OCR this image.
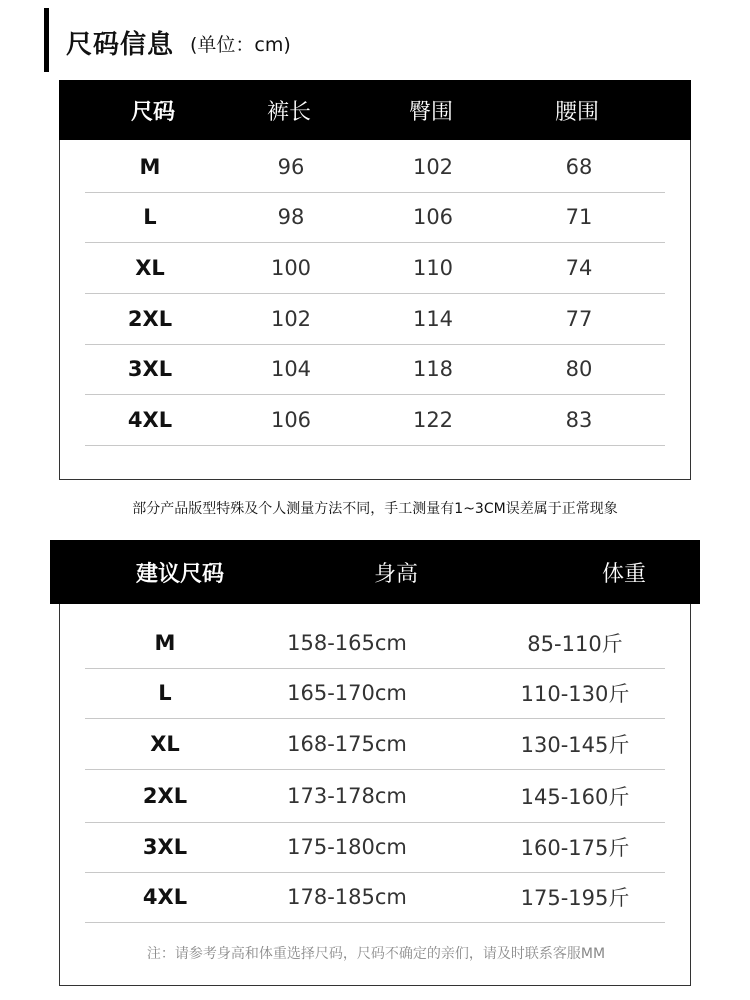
尺码信息 (单位：cm)
尺码	裤长	臀围	腰围
M	96	102	68
L	98	106	71
XL	100	110	74
2XL	102	114	77
3XL	104	118	80
4XL	106	122	83
部分产品版型特殊及个人测量方法不同，手工测量有1~3CM误差属于正常现象
建议尺码	身高	体重
M	158-165cm	85-110斤
L	165-170cm	110-130斤
XL	168-175cm	130-145斤
2XL	173-178cm	145-160斤
3XL	175-180cm	160-175斤
4XL	178-185cm	175-195斤
注：请参考身高和体重选择尺码，尺码不确定的亲们，请及时联系客服MM
